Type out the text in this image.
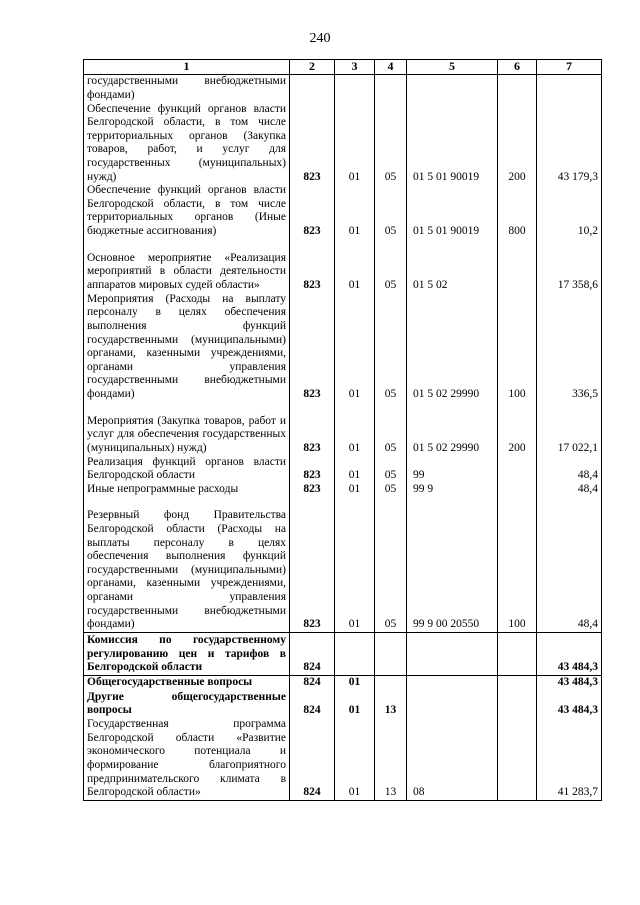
240
1	2	3	4	5	6	7
государственными внебюджетными фондами)						
Обеспечение функций органов власти Белгородской области, в том числе территориальных органов (Закупка товаров, работ, и услуг для государственных (муниципальных) нужд)	823	01	05	01 5 01 90019	200	43 179,3
Обеспечение функций органов власти Белгородской области, в том числе территориальных органов (Иные бюджетные ассигнования)	823	01	05	01 5 01 90019	800	10,2
Основное мероприятие «Реализация мероприятий в области деятельности аппаратов мировых судей области»	823	01	05	01 5 02		17 358,6
Мероприятия (Расходы на выплату персоналу в целях обеспечения выполнения функций государственными (муниципальными) органами, казенными учреждениями, органами управления государственными внебюджетными фондами)	823	01	05	01 5 02 29990	100	336,5
Мероприятия (Закупка товаров, работ и услуг для обеспечения государственных (муниципальных) нужд)	823	01	05	01 5 02 29990	200	17 022,1
Реализация функций органов власти Белгородской области	823	01	05	99		48,4
Иные непрограммные расходы	823	01	05	99 9		48,4
Резервный фонд Правительства Белгородской области (Расходы на выплаты персоналу в целях обеспечения выполнения функций государственными (муниципальными) органами, казенными учреждениями, органами управления государственными внебюджетными фондами)	823	01	05	99 9 00 20550	100	48,4
Комиссия по государственному регулированию цен и тарифов в Белгородской области	824					43 484,3
Общегосударственные вопросы	824	01				43 484,3
Другие общегосударственные вопросы	824	01	13			43 484,3
Государственная программа Белгородской области «Развитие экономического потенциала и формирование благоприятного предпринимательского климата в Белгородской области»	824	01	13	08		41 283,7
